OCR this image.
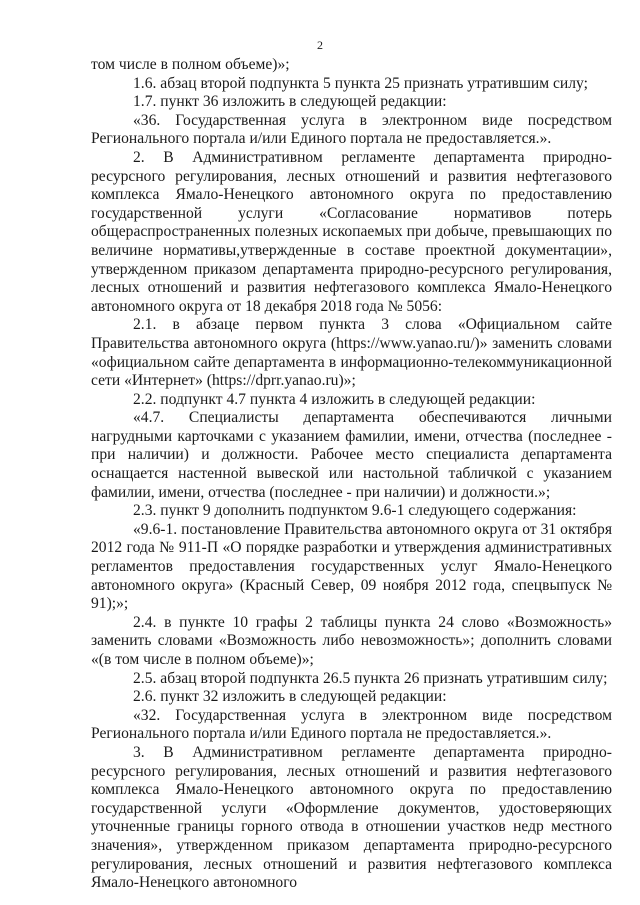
2

том числе в полном объеме)»;

1.6. абзац второй подпункта 5 пункта 25 признать утратившим силу;

1.7. пункт 36 изложить в следующей редакции:

«36. Государственная услуга в электронном виде посредством Регионального портала и/или Единого портала не предоставляется.».

2. В Административном регламенте департамента природно-ресурсного регулирования, лесных отношений и развития нефтегазового комплекса Ямало-Ненецкого автономного округа по предоставлению государственной услуги «Согласование нормативов потерь общераспространенных полезных ископаемых при добыче, превышающих по величине нормативы,утвержденные в составе проектной документации», утвержденном приказом департамента природно-ресурсного регулирования, лесных отношений и развития нефтегазового комплекса Ямало-Ненецкого автономного округа от 18 декабря 2018 года № 5056:

2.1. в абзаце первом пункта 3 слова «Официальном сайте Правительства автономного округа (https://www.yanao.ru/)» заменить словами «официальном сайте департамента в информационно-телекоммуникационной сети «Интернет» (https://dprr.yanao.ru)»;

2.2. подпункт 4.7 пункта 4 изложить в следующей редакции:

«4.7. Специалисты департамента обеспечиваются личными нагрудными карточками с указанием фамилии, имени, отчества (последнее - при наличии) и должности. Рабочее место специалиста департамента оснащается настенной вывеской или настольной табличкой с указанием фамилии, имени, отчества (последнее - при наличии) и должности.»;

2.3. пункт 9 дополнить подпунктом 9.6-1 следующего содержания:

«9.6-1. постановление Правительства автономного округа от 31 октября 2012 года № 911-П «О порядке разработки и утверждения административных регламентов предоставления государственных услуг Ямало-Ненецкого автономного округа» (Красный Север, 09 ноября 2012 года, спецвыпуск № 91);»;

2.4. в пункте 10 графы 2 таблицы пункта 24 слово «Возможность» заменить словами «Возможность либо невозможность»; дополнить словами «(в том числе в полном объеме)»;

2.5. абзац второй подпункта 26.5 пункта 26 признать утратившим силу;

2.6. пункт 32 изложить в следующей редакции:

«32. Государственная услуга в электронном виде посредством Регионального портала и/или Единого портала не предоставляется.».

3. В Административном регламенте департамента природно-ресурсного регулирования, лесных отношений и развития нефтегазового комплекса Ямало-Ненецкого автономного округа по предоставлению государственной услуги «Оформление документов, удостоверяющих уточненные границы горного отвода в отношении участков недр местного значения», утвержденном приказом департамента природно-ресурсного регулирования, лесных отношений и развития нефтегазового комплекса Ямало-Ненецкого автономного
